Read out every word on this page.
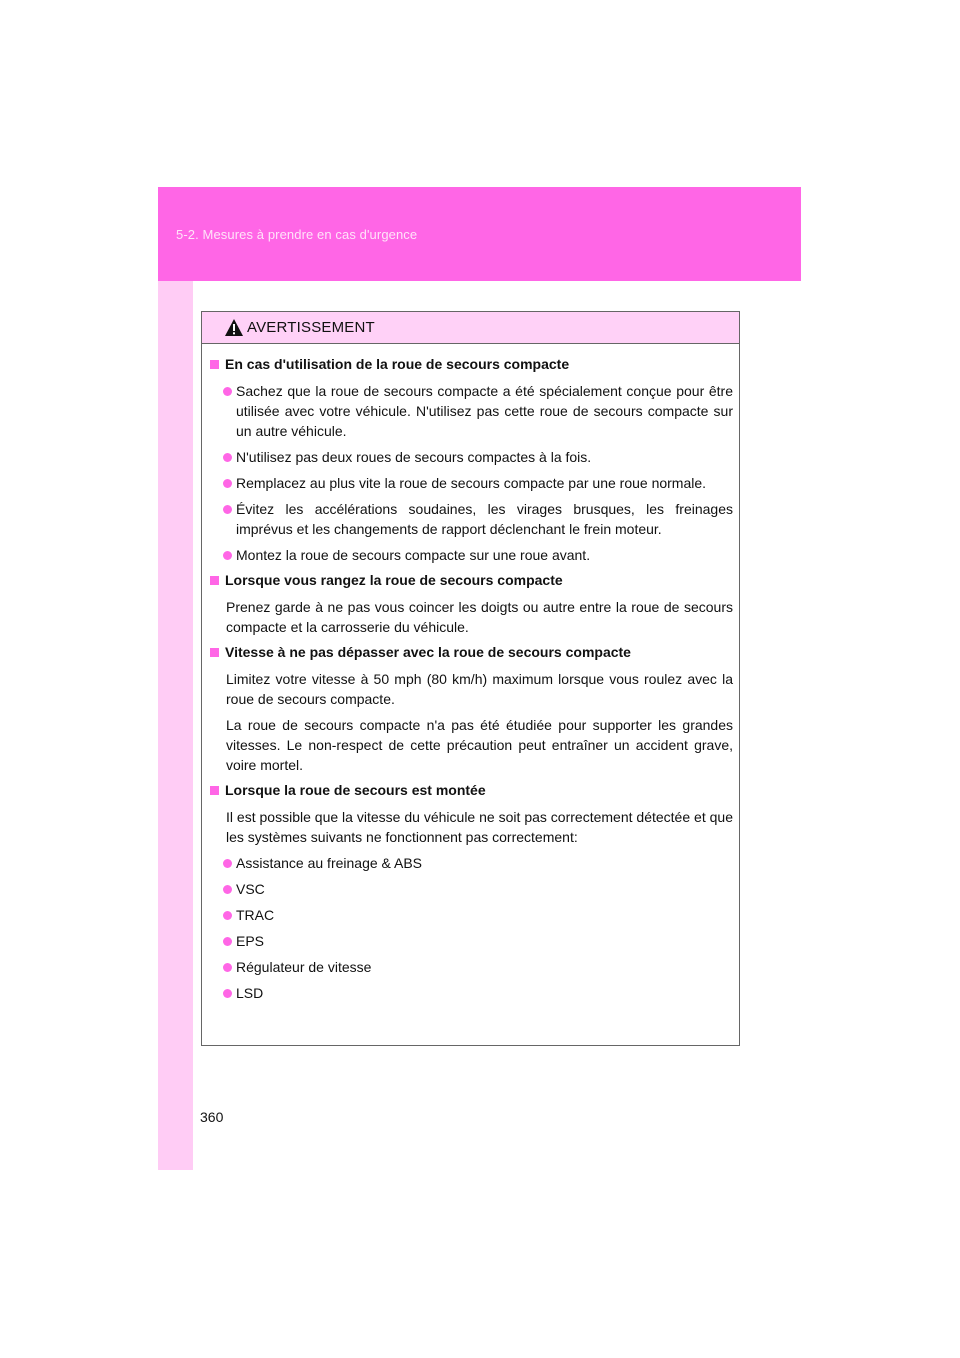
5-2. Mesures à prendre en cas d'urgence
AVERTISSEMENT
En cas d'utilisation de la roue de secours compacte
Sachez que la roue de secours compacte a été spécialement conçue pour être utilisée avec votre véhicule. N'utilisez pas cette roue de secours compacte sur un autre véhicule.
N'utilisez pas deux roues de secours compactes à la fois.
Remplacez au plus vite la roue de secours compacte par une roue normale.
Évitez les accélérations soudaines, les virages brusques, les freinages imprévus et les changements de rapport déclenchant le frein moteur.
Montez la roue de secours compacte sur une roue avant.
Lorsque vous rangez la roue de secours compacte
Prenez garde à ne pas vous coincer les doigts ou autre entre la roue de secours compacte et la carrosserie du véhicule.
Vitesse à ne pas dépasser avec la roue de secours compacte
Limitez votre vitesse à 50 mph (80 km/h) maximum lorsque vous roulez avec la roue de secours compacte.
La roue de secours compacte n'a pas été étudiée pour supporter les grandes vitesses. Le non-respect de cette précaution peut entraîner un accident grave, voire mortel.
Lorsque la roue de secours est montée
Il est possible que la vitesse du véhicule ne soit pas correctement détectée et que les systèmes suivants ne fonctionnent pas correctement:
Assistance au freinage & ABS
VSC
TRAC
EPS
Régulateur de vitesse
LSD
360
